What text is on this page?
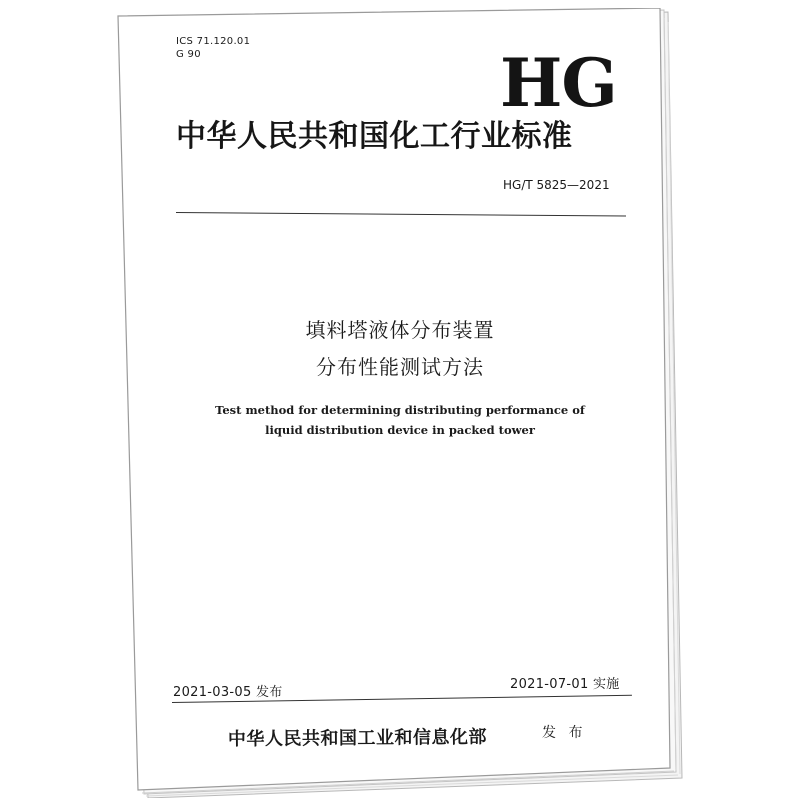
ICS 71.120.01

G 90	HG

中华人民共和国化工行业标准

HG/T 5825—2021

填料塔液体分布装置
分布性能测试方法
Test method for determining distributing performance of
liquid distribution device in packed tower

2021-03-05 发布

2021-07-01 实施

中华人民共和国工业和信息化部	发 布
